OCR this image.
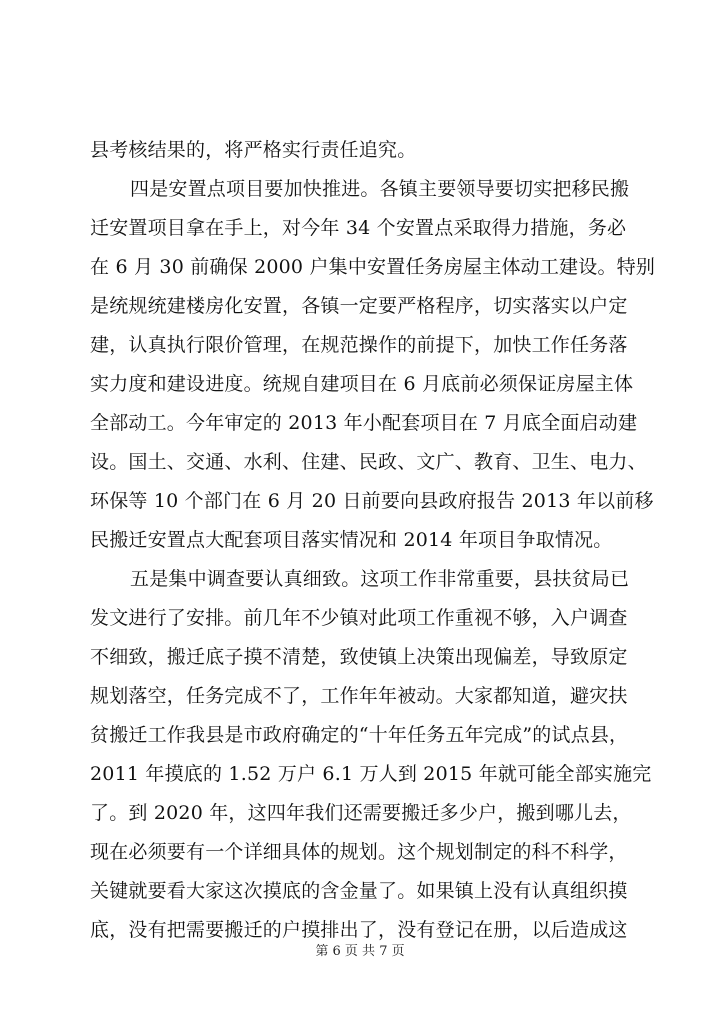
县考核结果的，将严格实行责任追究。
四是安置点项目要加快推进。各镇主要领导要切实把移民搬
迁安置项目拿在手上，对今年 34 个安置点采取得力措施，务必
在 6 月 30 前确保 2000 户集中安置任务房屋主体动工建设。特别
是统规统建楼房化安置，各镇一定要严格程序，切实落实以户定
建，认真执行限价管理，在规范操作的前提下，加快工作任务落
实力度和建设进度。统规自建项目在 6 月底前必须保证房屋主体
全部动工。今年审定的 2013 年小配套项目在 7 月底全面启动建
设。国土、交通、水利、住建、民政、文广、教育、卫生、电力、
环保等 10 个部门在 6 月 20 日前要向县政府报告 2013 年以前移
民搬迁安置点大配套项目落实情况和 2014 年项目争取情况。
五是集中调查要认真细致。这项工作非常重要，县扶贫局已
发文进行了安排。前几年不少镇对此项工作重视不够，入户调查
不细致，搬迁底子摸不清楚，致使镇上决策出现偏差，导致原定
规划落空，任务完成不了，工作年年被动。大家都知道，避灾扶
贫搬迁工作我县是市政府确定的“十年任务五年完成”的试点县，
2011 年摸底的 1.52 万户 6.1 万人到 2015 年就可能全部实施完
了。到 2020 年，这四年我们还需要搬迁多少户，搬到哪儿去，
现在必须要有一个详细具体的规划。这个规划制定的科不科学，
关键就要看大家这次摸底的含金量了。如果镇上没有认真组织摸
底，没有把需要搬迁的户摸排出了，没有登记在册，以后造成这
第 6 页 共 7 页
